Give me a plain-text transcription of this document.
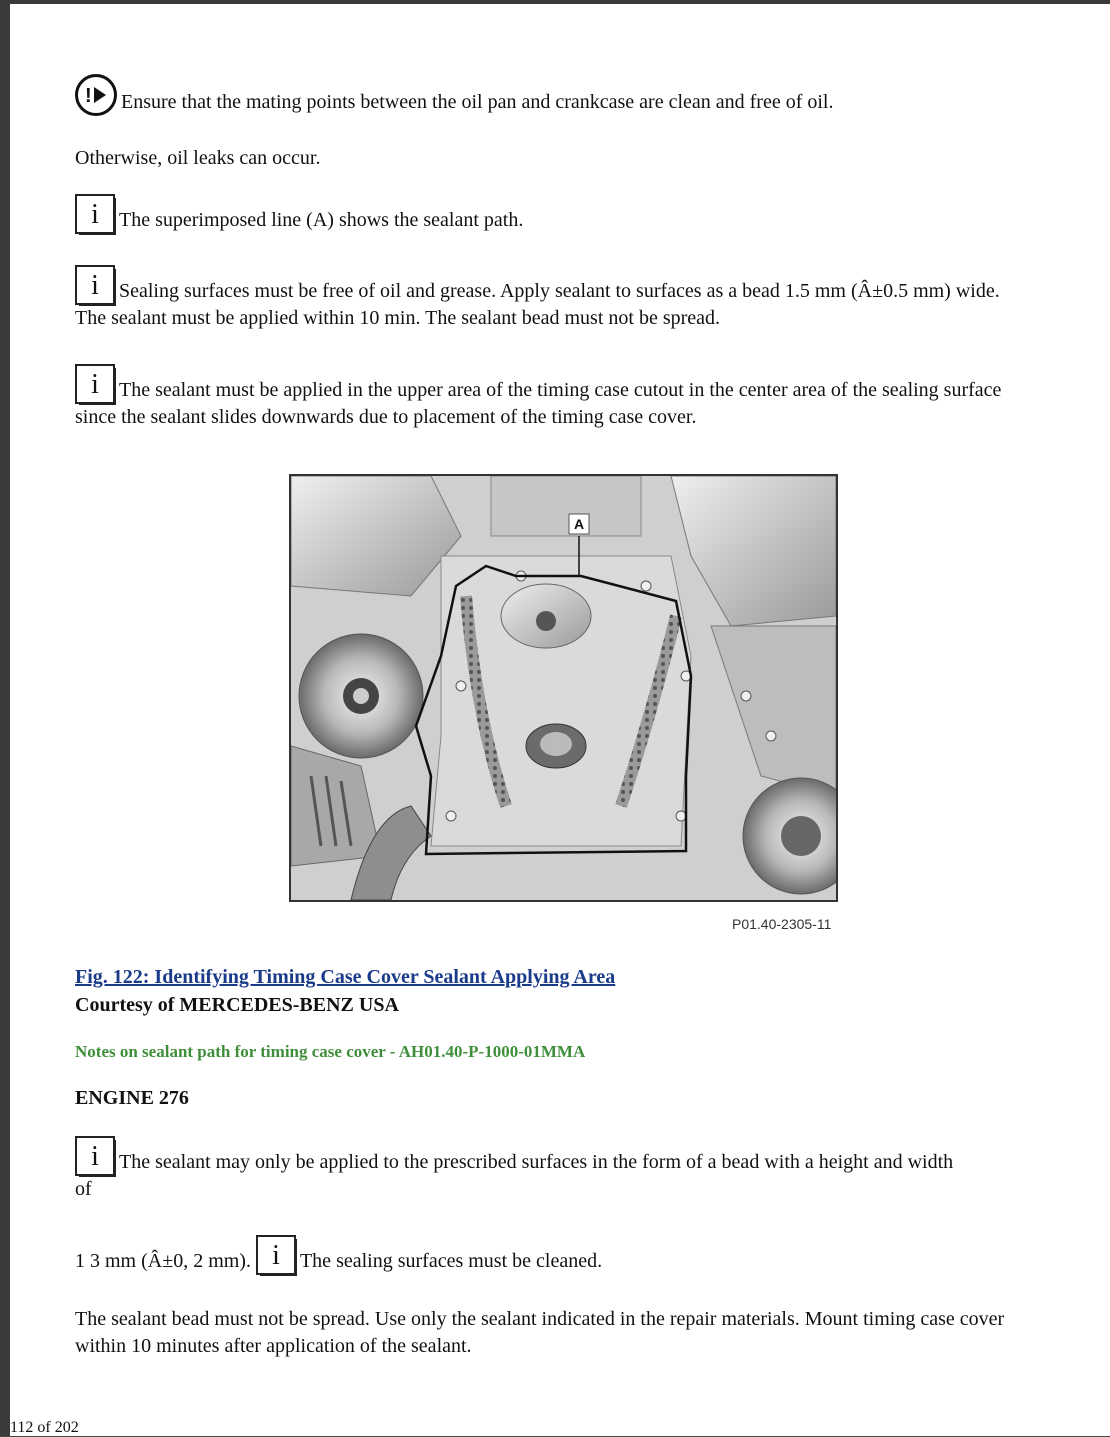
! Ensure that the mating points between the oil pan and crankcase are clean and free of oil.

Otherwise, oil leaks can occur.

i	The superimposed line (A) shows the sealant path.

i	Sealing surfaces must be free of oil and grease. Apply sealant to surfaces as a bead 1.5 mm (Â±0.5 mm) wide. The sealant must be applied within 10 min. The sealant bead must not be spread.

i	The sealant must be applied in the upper area of the timing case cutout in the center area of the sealing surface since the sealant slides downwards due to placement of the timing case cover.

A
P01.40-2305-11
Fig. 122: Identifying Timing Case Cover Sealant Applying Area
Courtesy of MERCEDES-BENZ USA
Notes on sealant path for timing case cover - AH01.40-P-1000-01MMA
ENGINE 276

i	The sealant may only be applied to the prescribed surfaces in the form of a bead with a height and width
of

1 3 mm (Â±0, 2 mm). i	The sealing surfaces must be cleaned.

The sealant bead must not be spread. Use only the sealant indicated in the repair materials. Mount timing case cover within 10 minutes after application of the sealant.

112 of 202
